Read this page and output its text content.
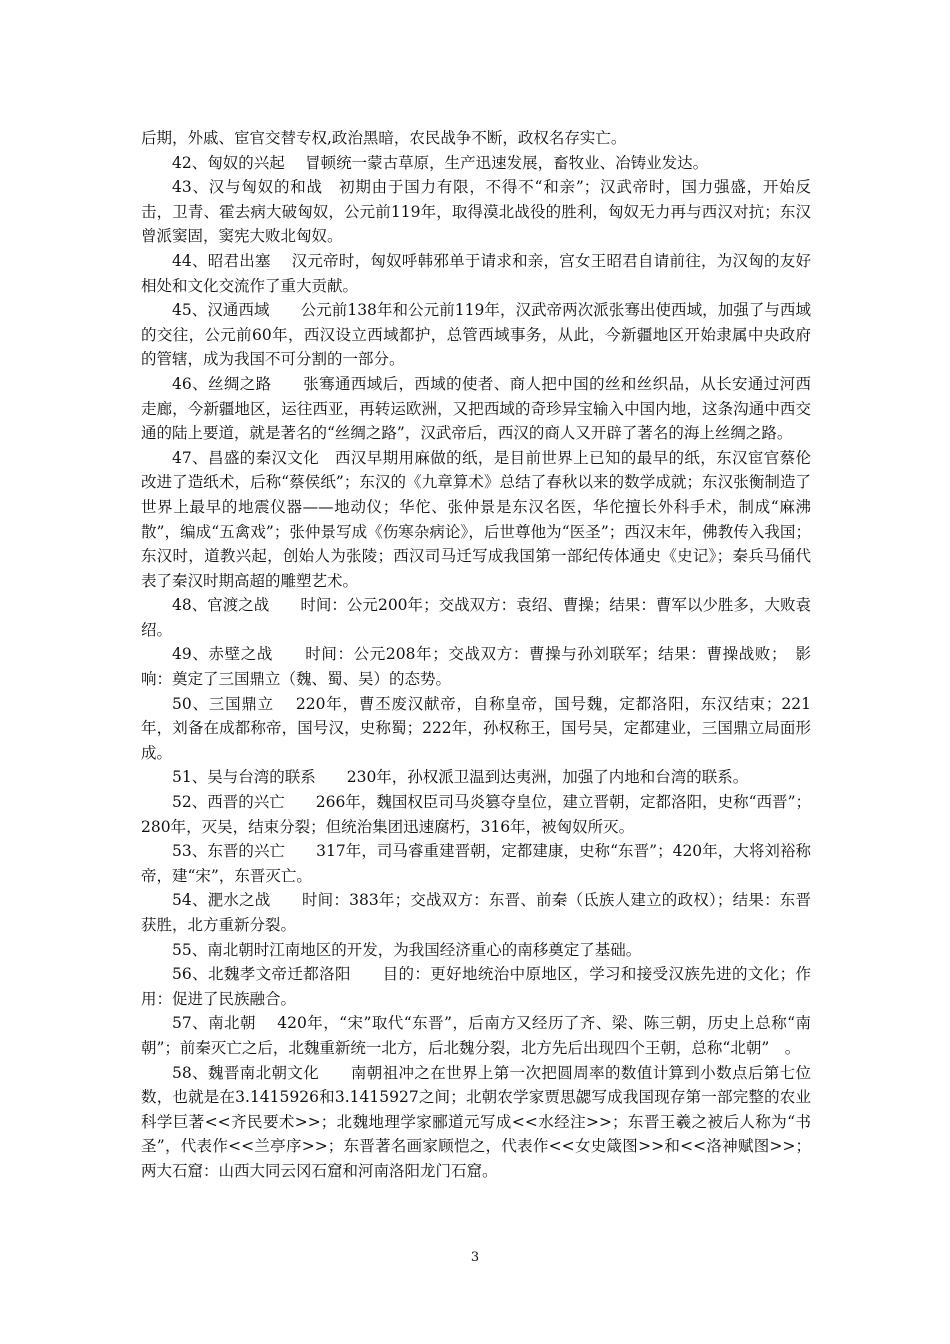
后期，外戚、宦官交替专权,政治黑暗，农民战争不断，政权名存实亡。

42、匈奴的兴起　 冒顿统一蒙古草原，生产迅速发展，畜牧业、冶铸业发达。

43、汉与匈奴的和战　初期由于国力有限，不得不“和亲”；汉武帝时，国力强盛，开始反击，卫青、霍去病大破匈奴，公元前119年，取得漠北战役的胜利，匈奴无力再与西汉对抗；东汉曾派窦固，窦宪大败北匈奴。

44、昭君出塞　 汉元帝时，匈奴呼韩邪单于请求和亲，宫女王昭君自请前往，为汉匈的友好相处和文化交流作了重大贡献。

45、汉通西域　　公元前138年和公元前119年，汉武帝两次派张骞出使西域，加强了与西域的交往，公元前60年，西汉设立西域都护，总管西域事务，从此，今新疆地区开始隶属中央政府的管辖，成为我国不可分割的一部分。

46、丝绸之路　　张骞通西域后，西域的使者、商人把中国的丝和丝织品，从长安通过河西走廊，今新疆地区，运往西亚，再转运欧洲，又把西域的奇珍异宝输入中国内地，这条沟通中西交通的陆上要道，就是著名的“丝绸之路”，汉武帝后，西汉的商人又开辟了著名的海上丝绸之路。

47、昌盛的秦汉文化　西汉早期用麻做的纸，是目前世界上已知的最早的纸，东汉宦官蔡伦改进了造纸术，后称“蔡侯纸”；东汉的《九章算术》总结了春秋以来的数学成就；东汉张衡制造了世界上最早的地震仪器——地动仪；华佗、张仲景是东汉名医，华佗擅长外科手术，制成“麻沸散”，编成“五禽戏”；张仲景写成《伤寒杂病论》，后世尊他为“医圣”；西汉末年，佛教传入我国；东汉时，道教兴起，创始人为张陵；西汉司马迁写成我国第一部纪传体通史《史记》；秦兵马俑代表了秦汉时期高超的雕塑艺术。

48、官渡之战　　时间：公元200年；交战双方：袁绍、曹操；结果：曹军以少胜多，大败袁绍。

49、赤壁之战　　时间：公元208年；交战双方：曹操与孙刘联军；结果：曹操战败；　影响：奠定了三国鼎立（魏、蜀、吴）的态势。

50、三国鼎立　 220年，曹丕废汉献帝，自称皇帝，国号魏，定都洛阳，东汉结束；221年，刘备在成都称帝，国号汉，史称蜀；222年，孙权称王，国号吴，定都建业，三国鼎立局面形成。

51、吴与台湾的联系　　230年，孙权派卫温到达夷洲，加强了内地和台湾的联系。

52、西晋的兴亡　　266年，魏国权臣司马炎篡夺皇位，建立晋朝，定都洛阳，史称“西晋”；280年，灭吴，结束分裂；但统治集团迅速腐朽，316年，被匈奴所灭。

53、东晋的兴亡　　317年，司马睿重建晋朝，定都建康，史称“东晋”；420年，大将刘裕称帝，建“宋”，东晋灭亡。

54、淝水之战　　时间：383年；交战双方：东晋、前秦（氐族人建立的政权）；结果：东晋获胜，北方重新分裂。

55、南北朝时江南地区的开发，为我国经济重心的南移奠定了基础。

56、北魏孝文帝迁都洛阳　　目的：更好地统治中原地区，学习和接受汉族先进的文化；作用：促进了民族融合。

57、南北朝　 420年，“宋”取代“东晋”，后南方又经历了齐、梁、陈三朝，历史上总称“南朝”；前秦灭亡之后，北魏重新统一北方，后北魏分裂，北方先后出现四个王朝，总称“北朝”　。

58、魏晋南北朝文化　　南朝祖冲之在世界上第一次把圆周率的数值计算到小数点后第七位数，也就是在3.1415926和3.1415927之间；北朝农学家贾思勰写成我国现存第一部完整的农业科学巨著<<齐民要术>>；北魏地理学家郦道元写成<<水经注>>；东晋王羲之被后人称为“书圣”，代表作<<兰亭序>>；东晋著名画家顾恺之，代表作<<女史箴图>>和<<洛神赋图>>；两大石窟：山西大同云冈石窟和河南洛阳龙门石窟。

3
